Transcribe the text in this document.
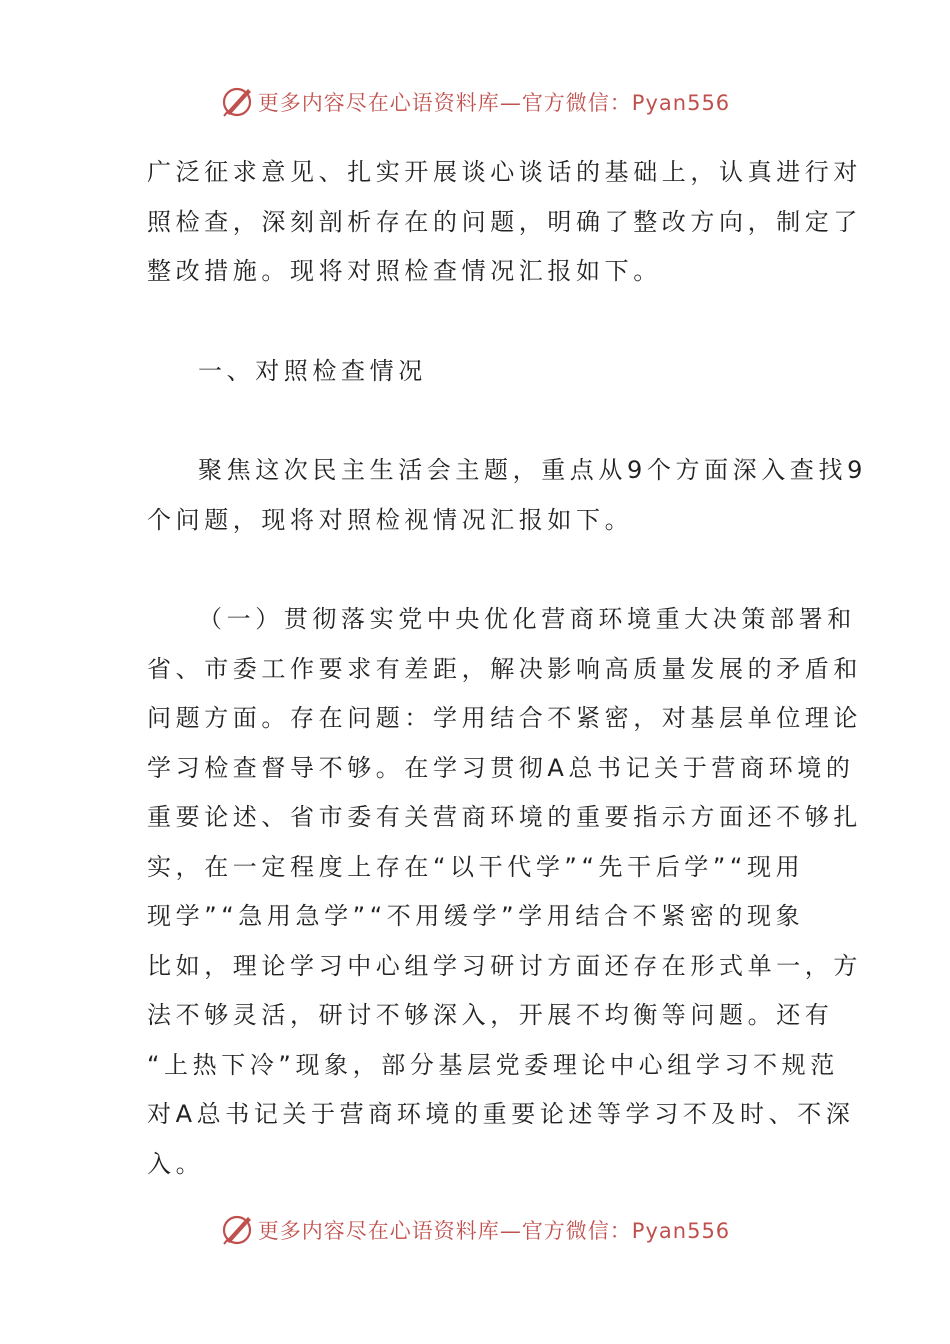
更多内容尽在心语资料库—官方微信：Pyan556

广泛征求意见、扎实开展谈心谈话的基础上，认真进行对
照检查，深刻剖析存在的问题，明确了整改方向，制定了
整改措施。现将对照检查情况汇报如下。

一、对照检查情况

聚焦这次民主生活会主题，重点从9个方面深入查找9
个问题，现将对照检视情况汇报如下。

（一）贯彻落实党中央优化营商环境重大决策部署和
省、市委工作要求有差距，解决影响高质量发展的矛盾和
问题方面。存在问题：学用结合不紧密，对基层单位理论
学习检查督导不够。在学习贯彻A总书记关于营商环境的
重要论述、省市委有关营商环境的重要指示方面还不够扎
实，在一定程度上存在“以干代学”“先干后学”“现用
现学”“急用急学”“不用缓学”学用结合不紧密的现象
比如，理论学习中心组学习研讨方面还存在形式单一，方
法不够灵活，研讨不够深入，开展不均衡等问题。还有
“上热下冷”现象，部分基层党委理论中心组学习不规范
对A总书记关于营商环境的重要论述等学习不及时、不深
入。

更多内容尽在心语资料库—官方微信：Pyan556
